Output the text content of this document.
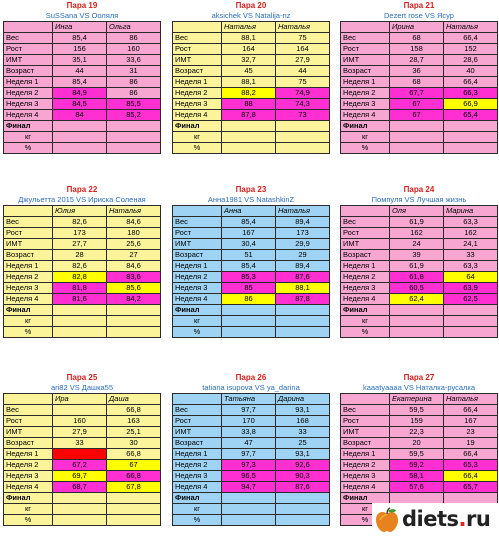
Пара 19
SuSSana VS Ооляля
	Инга	Ольга
Вес	85,4	86
Рост	156	160
ИМТ	35,1	33,6
Возраст	44	31
Неделя 1	85,4	86
Неделя 2	84,9	86
Неделя 3	84,5	85,5
Неделя 4	84	85,2
Финал		
кг		
%		
Пара 20
aksichek VS Natalija-nz
	Наталья	Наталья
Вес	88,1	75
Рост	164	164
ИМТ	32,7	27,9
Возраст	45	44
Неделя 1	88,1	75
Неделя 2	88,2	74,9
Неделя 3	88	74,3
Неделя 4	87,8	73
Финал		
кг		
%		
Пара 21
Dezert rose VS Ясур
	Ирина	Наталья
Вес	68	66,4
Рост	158	152
ИМТ	28,7	28,6
Возраст	36	40
Неделя 1	68	66,4
Неделя 2	67,7	66,3
Неделя 3	67	66,9
Неделя 4	67	65,4
Финал		
кг		
%		
Пара 22
Джульетта 2015 VS Ириска Соленая
	Юлия	Наталья
Вес	82,6	84,6
Рост	173	180
ИМТ	27,7	25,6
Возраст	28	27
Неделя 1	82,6	84,6
Неделя 2	82,8	83,6
Неделя 3	81,8	85,6
Неделя 4	81,6	84,2
Финал		
кг		
%		
Пара 23
Анна1981 VS NatashkinZ
	Анна	Наталья
Вес	85,4	89,4
Рост	167	173
ИМТ	30,4	29,9
Возраст	51	29
Неделя 1	85,4	89,4
Неделя 2	85,3	87,6
Неделя 3	85	88,1
Неделя 4	86	87,8
Финал		
кг		
%		
Пара 24
Помпуля VS Лучшая жизнь
	Оля	Марина
Вес	61,9	63,3
Рост	162	162
ИМТ	24	24,1
Возраст	39	33
Неделя 1	61,9	63,3
Неделя 2	61,8	64
Неделя 3	60,5	63,9
Неделя 4	62,4	62,5
Финал		
кг		
%		
Пара 25
ari82 VS Дашка55
	Ира	Даша
Вес		66,8
Рост	160	163
ИМТ	27,9	25,1
Возраст	33	30
Неделя 1		66,8
Неделя 2	67,2	67
Неделя 3	69,7	66,8
Неделя 4	68,7	67,8
Финал		
кг		
%		
Пара 26
tatiana isupova VS ya_darina
	Татьяна	Дарина
Вес	97,7	93,1
Рост	170	168
ИМТ	33,8	33
Возраст	47	25
Неделя 1	97,7	93,1
Неделя 2	97,3	92,6
Неделя 3	96,5	90,3
Неделя 4	94,7	87,6
Финал		
кг		
%		
Пара 27
kaaatyaaaa VS Наталка-русалка
	Екатерина	Наталья
Вес	59,5	66,4
Рост	159	167
ИМТ	22,3	23
Возраст	20	19
Неделя 1	59,5	66,4
Неделя 2	59,2	65,3
Неделя 3	58,1	66,4
Неделя 4	57,6	65,7
Финал		
кг		
%		diets.ru
